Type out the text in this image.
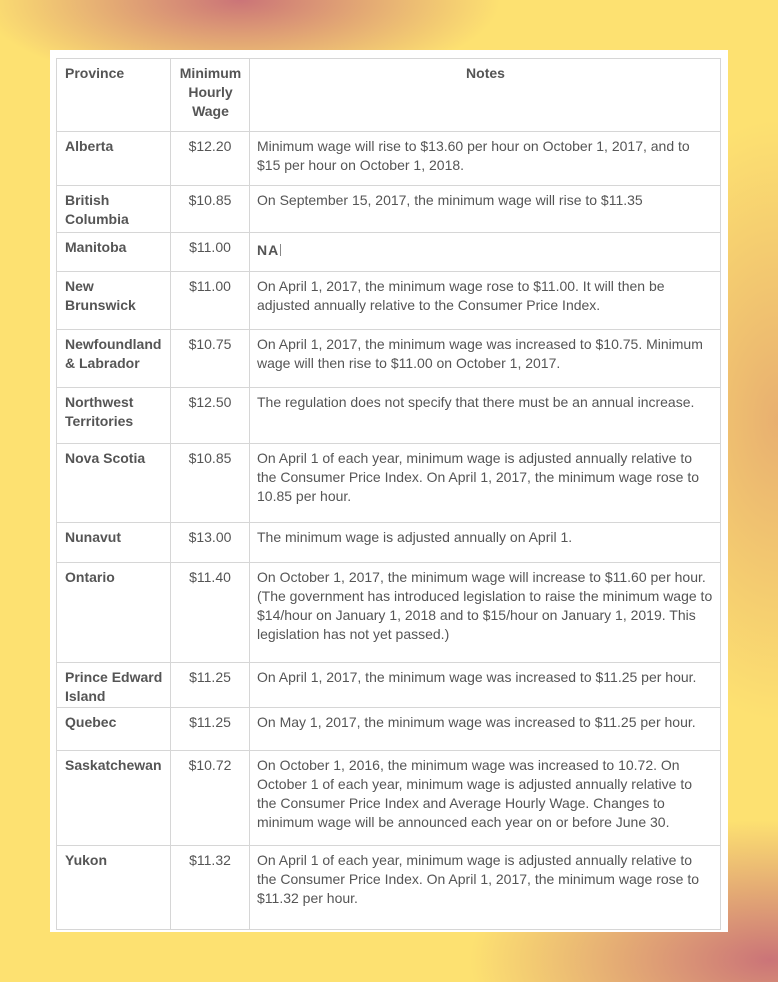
Province	Minimum Hourly Wage	Notes
Alberta	$12.20	Minimum wage will rise to $13.60 per hour on October 1, 2017, and to $15 per hour on October 1, 2018.
British Columbia	$10.85	On September 15, 2017, the minimum wage will rise to $11.35
Manitoba	$11.00	NA
New Brunswick	$11.00	On April 1, 2017, the minimum wage rose to $11.00. It will then be adjusted annually relative to the Consumer Price Index.
Newfoundland & Labrador	$10.75	On April 1, 2017, the minimum wage was increased to $10.75. Minimum wage will then rise to $11.00 on October 1, 2017.
Northwest Territories	$12.50	The regulation does not specify that there must be an annual increase.
Nova Scotia	$10.85	On April 1 of each year, minimum wage is adjusted annually relative to the Consumer Price Index. On April 1, 2017, the minimum wage rose to 10.85 per hour.
Nunavut	$13.00	The minimum wage is adjusted annually on April 1.
Ontario	$11.40	On October 1, 2017, the minimum wage will increase to $11.60 per hour. (The government has introduced legislation to raise the minimum wage to $14/hour on January 1, 2018 and to $15/hour on January 1, 2019. This legislation has not yet passed.)
Prince Edward Island	$11.25	On April 1, 2017, the minimum wage was increased to $11.25 per hour.
Quebec	$11.25	On May 1, 2017, the minimum wage was increased to $11.25 per hour.
Saskatchewan	$10.72	On October 1, 2016, the minimum wage was increased to 10.72. On October 1 of each year, minimum wage is adjusted annually relative to the Consumer Price Index and Average Hourly Wage. Changes to minimum wage will be announced each year on or before June 30.
Yukon	$11.32	On April 1 of each year, minimum wage is adjusted annually relative to the Consumer Price Index. On April 1, 2017, the minimum wage rose to $11.32 per hour.
